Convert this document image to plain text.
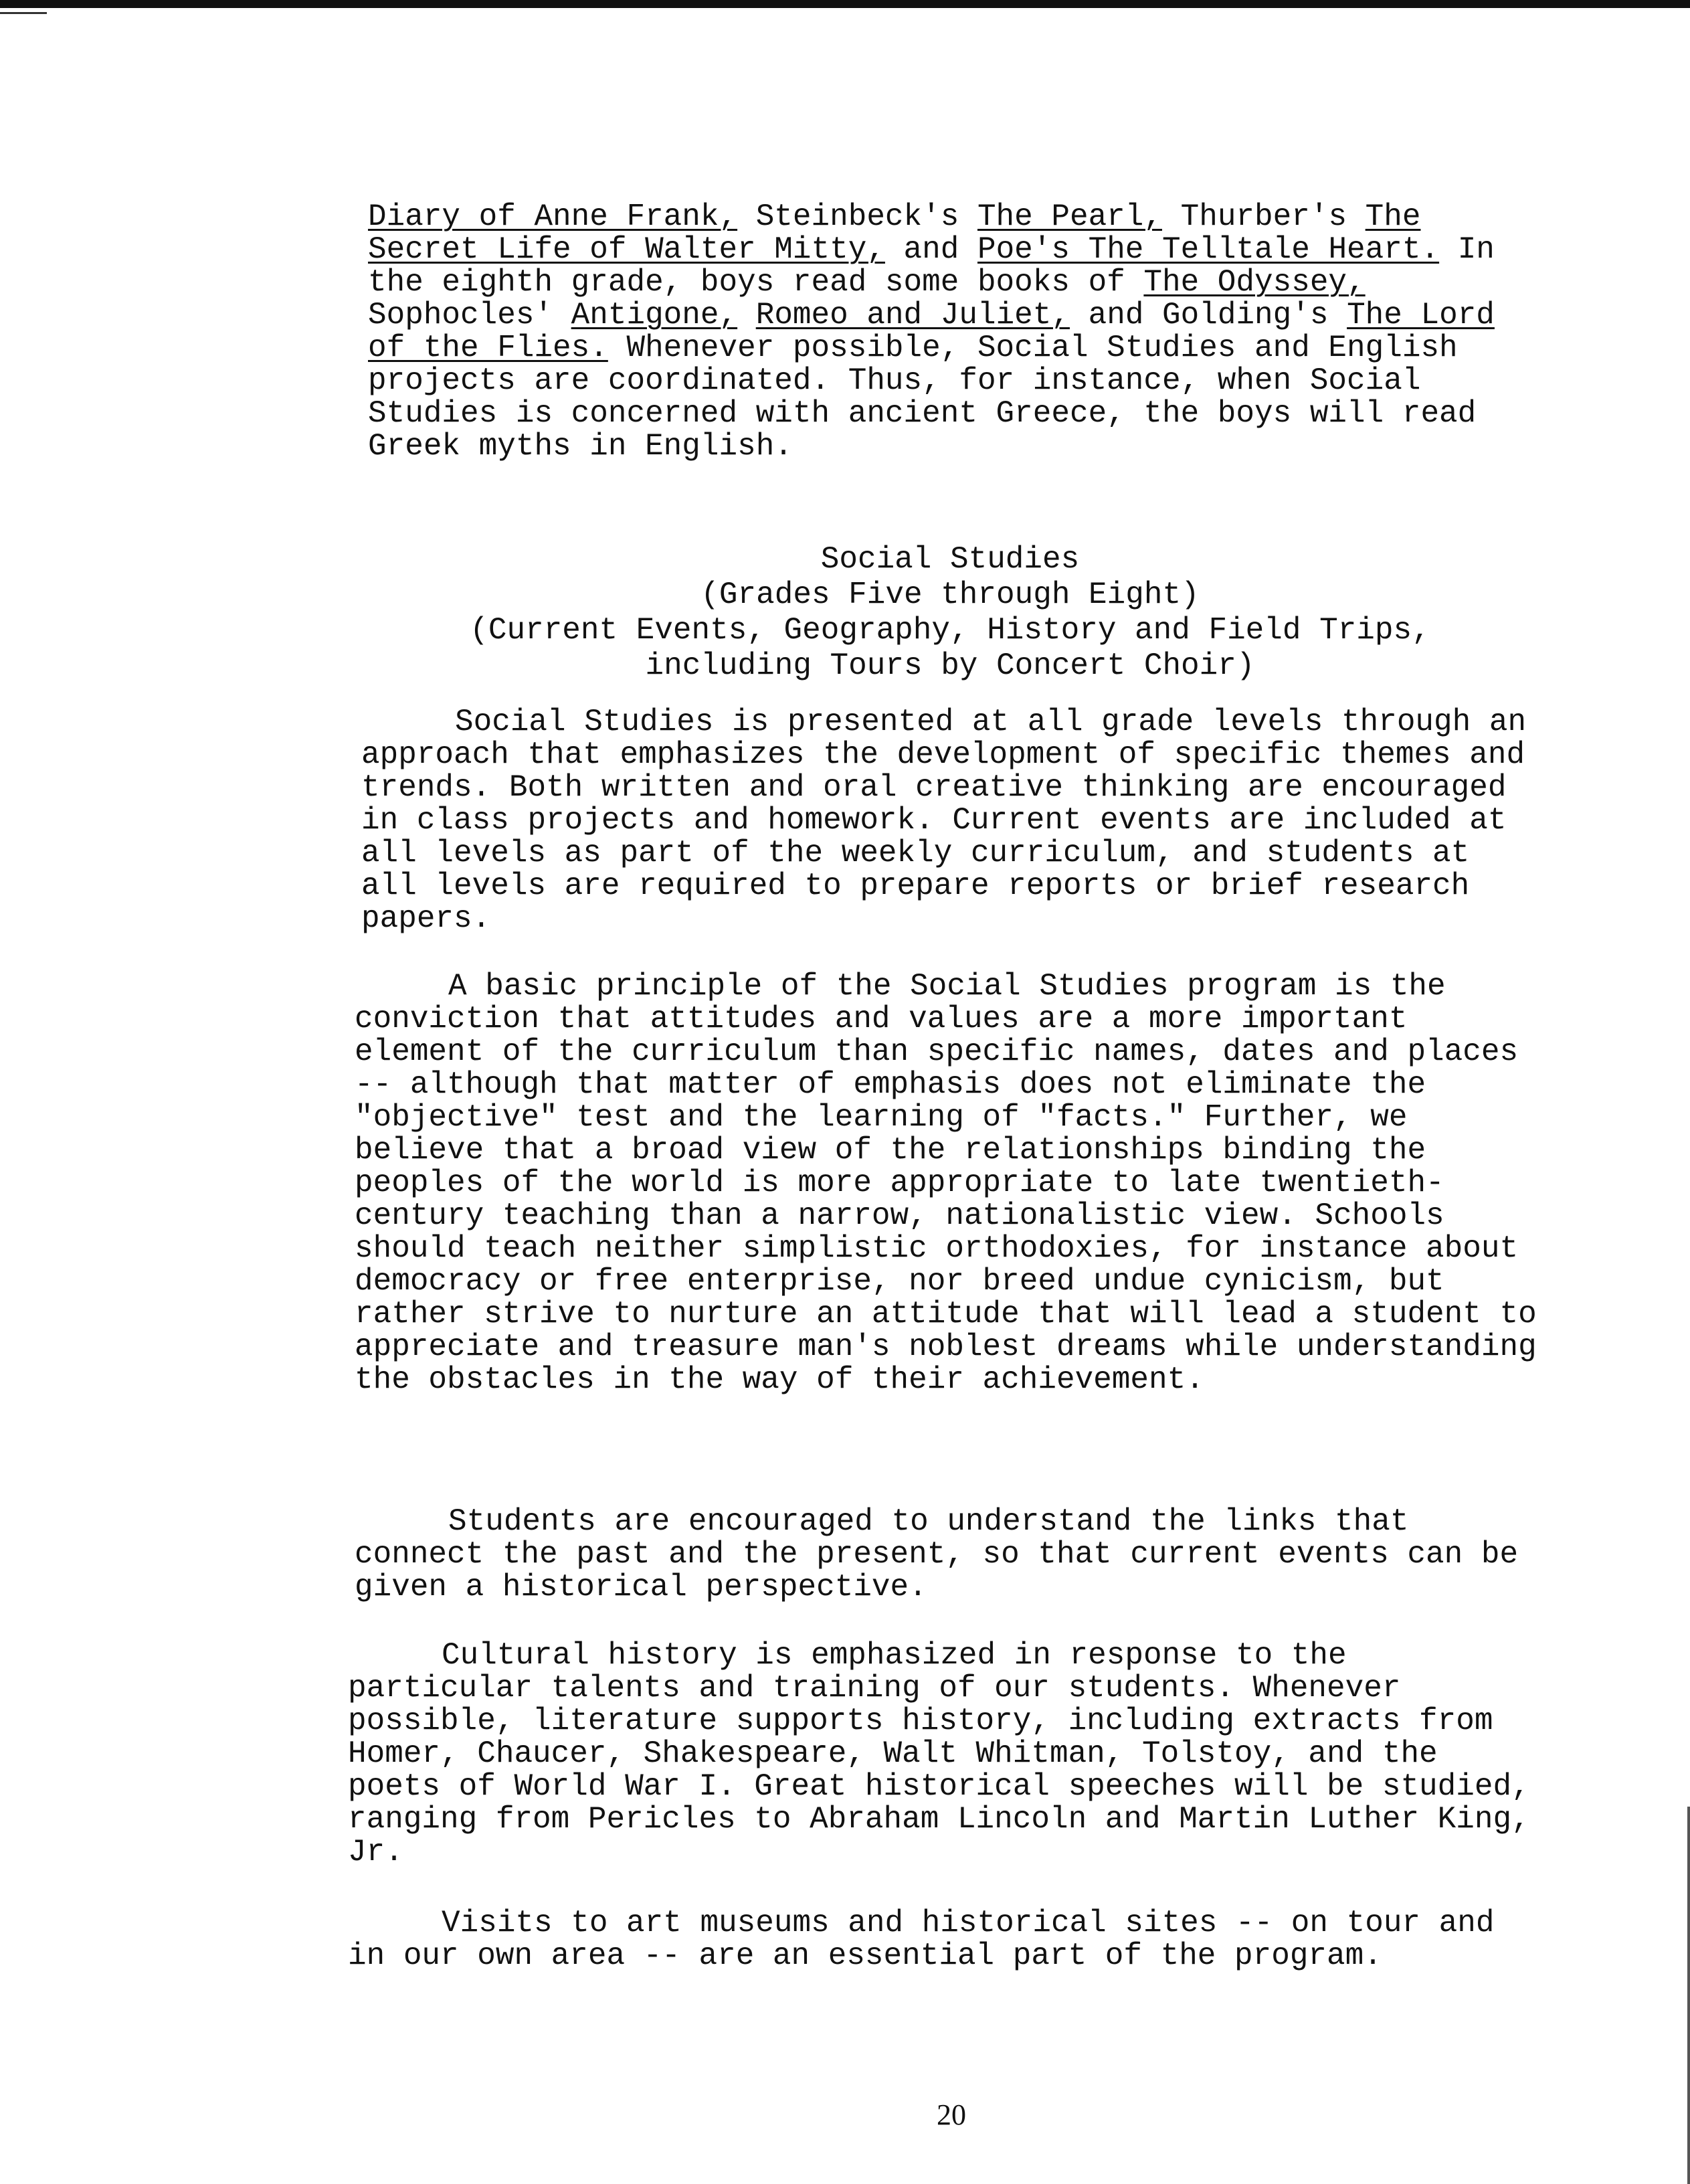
Diary of Anne Frank, Steinbeck's The Pearl, Thurber's The Secret Life of Walter Mitty, and Poe's The Telltale Heart. In the eighth grade, boys read some books of The Odyssey, Sophocles' Antigone, Romeo and Juliet, and Golding's The Lord of the Flies. Whenever possible, Social Studies and English projects are coordinated. Thus, for instance, when Social Studies is concerned with ancient Greece, the boys will read Greek myths in English.

Social Studies

(Grades Five through Eight)

(Current Events, Geography, History and Field Trips,

including Tours by Concert Choir)

Social Studies is presented at all grade levels through an approach that emphasizes the development of specific themes and trends. Both written and oral creative thinking are encouraged in class projects and homework. Current events are included at all levels as part of the weekly curriculum, and students at all levels are required to prepare reports or brief research papers.

A basic principle of the Social Studies program is the conviction that attitudes and values are a more important element of the curriculum than specific names, dates and places -- although that matter of emphasis does not eliminate the "objective" test and the learning of "facts." Further, we believe that a broad view of the relationships binding the peoples of the world is more appropriate to late twentieth-century teaching than a narrow, nationalistic view. Schools should teach neither simplistic orthodoxies, for instance about democracy or free enterprise, nor breed undue cynicism, but rather strive to nurture an attitude that will lead a student to appreciate and treasure man's noblest dreams while understanding the obstacles in the way of their achievement.

Students are encouraged to understand the links that connect the past and the present, so that current events can be given a historical perspective.

Cultural history is emphasized in response to the particular talents and training of our students. Whenever possible, literature supports history, including extracts from Homer, Chaucer, Shakespeare, Walt Whitman, Tolstoy, and the poets of World War I. Great historical speeches will be studied, ranging from Pericles to Abraham Lincoln and Martin Luther King, Jr.

Visits to art museums and historical sites -- on tour and in our own area -- are an essential part of the program.

20
